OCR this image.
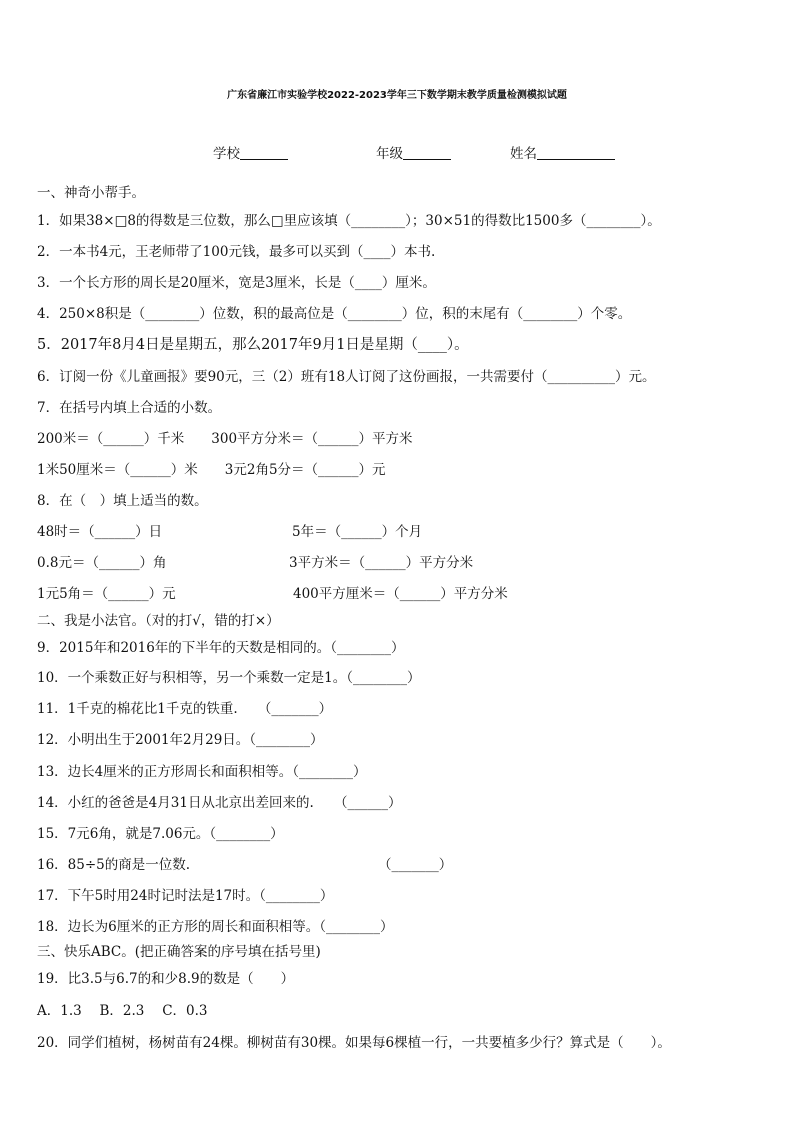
广东省廉江市实验学校2022-2023学年三下数学期末教学质量检测模拟试题
学校	年级	姓名
一、神奇小帮手。
1．如果38×□8的得数是三位数，那么□里应该填（________）；30×51的得数比1500多（________）。
2．一本书4元，王老师带了100元钱，最多可以买到（____）本书.
3．一个长方形的周长是20厘米，宽是3厘米，长是（____）厘米。
4．250×8积是（________）位数，积的最高位是（________）位，积的末尾有（________）个零。
5．2017年8月4日是星期五，那么2017年9月1日是星期（____）。
6．订阅一份《儿童画报》要90元，三（2）班有18人订阅了这份画报，一共需要付（__________）元。
7．在括号内填上合适的小数。
200米＝（______）千米　　300平方分米＝（______）平方米
1米50厘米＝（______）米　　3元2角5分＝（______）元
8．在（　）填上适当的数。
48时＝（______）日	5年＝（______）个月
0.8元＝（______）角	3平方米＝（______）平方分米
1元5角＝（______）元	400平方厘米＝（______）平方分米
二、我是小法官。（对的打√，错的打×）
9．2015年和2016年的下半年的天数是相同的。（________）
10．一个乘数正好与积相等，另一个乘数一定是1。（________）
11．1千克的棉花比1千克的铁重.　　（_______）
12．小明出生于2001年2月29日。（________）
13．边长4厘米的正方形周长和面积相等。（________）
14．小红的爸爸是4月31日从北京出差回来的.　　（______）
15．7元6角，就是7.06元。（________）
16．85÷5的商是一位数.	（_______）
17．下午5时用24时记时法是17时。（________）
18．边长为6厘米的正方形的周长和面积相等。（________）
三、快乐ABC。(把正确答案的序号填在括号里)
19．比3.5与6.7的和少8.9的数是（　　）
A．1.3　 B．2.3　 C．0.3
20．同学们植树，杨树苗有24棵。柳树苗有30棵。如果每6棵植一行，一共要植多少行？算式是（　　）。
